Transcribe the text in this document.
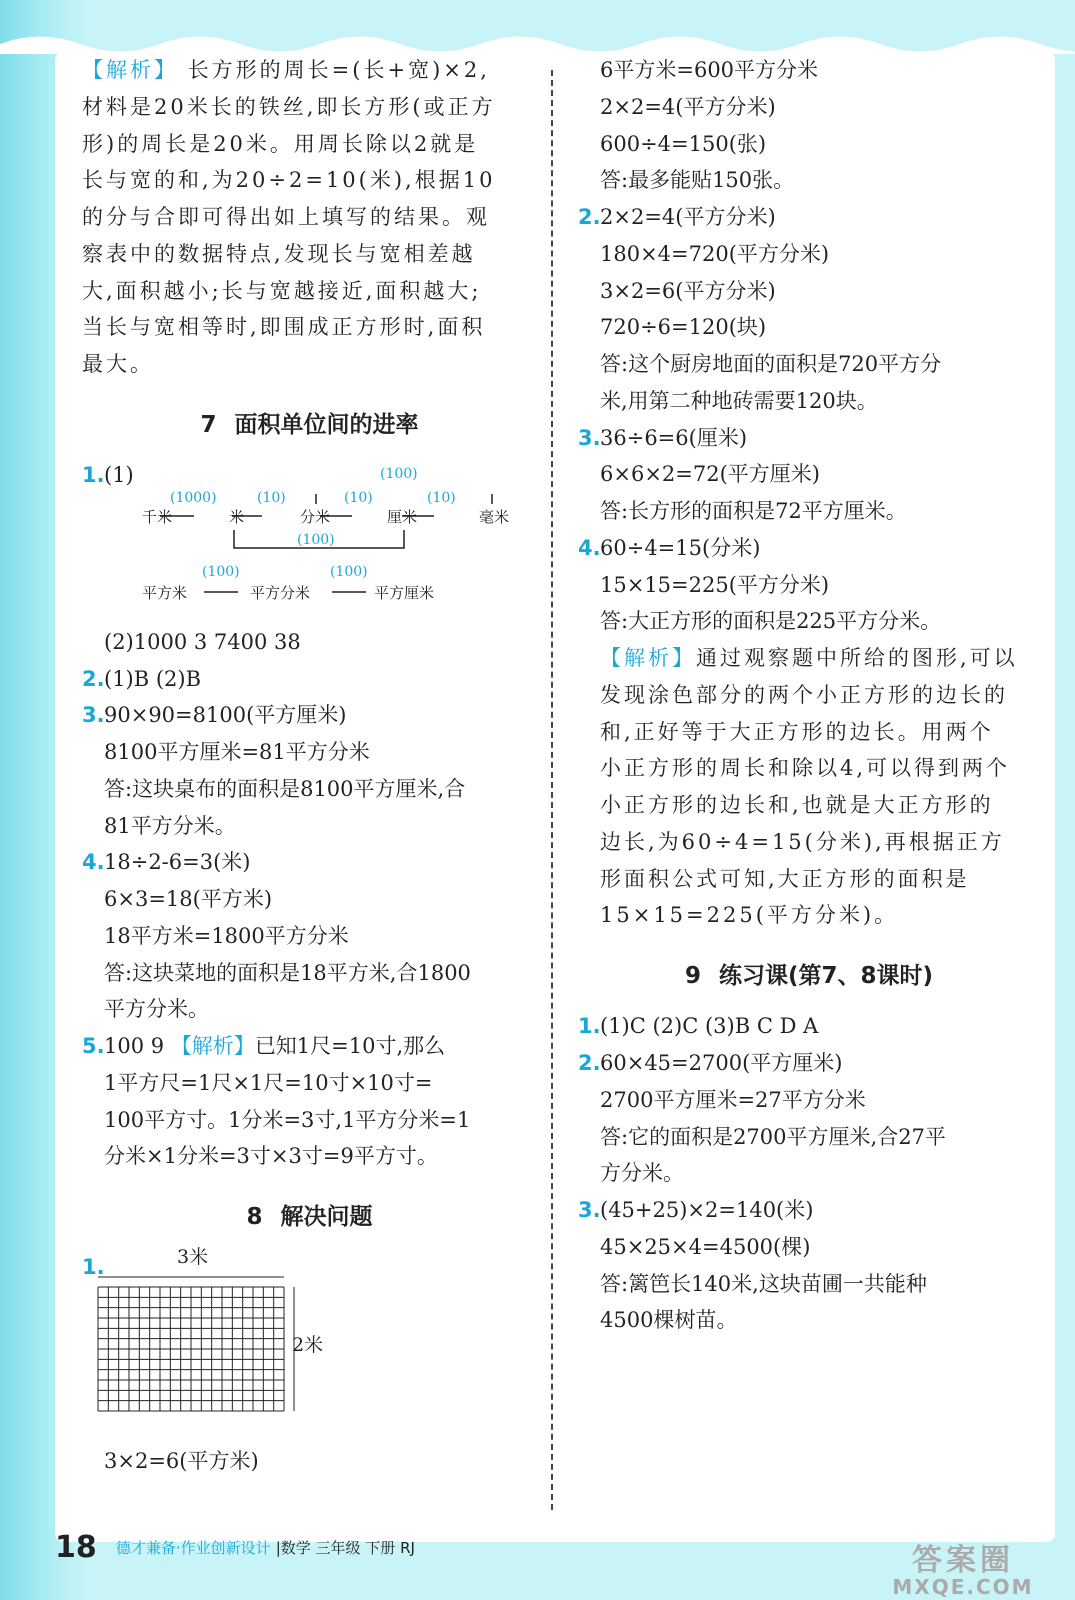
【解析】 长方形的周长=(长+宽)×2,

材料是20米长的铁丝,即长方形(或正方

形)的周长是20米。用周长除以2就是

长与宽的和,为20÷2=10(米),根据10

的分与合即可得出如上填写的结果。观

察表中的数据特点,发现长与宽相差越

大,面积越小;长与宽越接近,面积越大;

当长与宽相等时,即围成正方形时,面积

最大。

7 面积单位间的进率

1.(1)

千米	米	分米	厘米	毫米
(1000)	(10)	(10)	(10)
(100)
(100)
平方米	平方分米	平方厘米
(100)	(100)

(2)1000 3 7400 38

2.(1)B (2)B

3.90×90=8100(平方厘米)

8100平方厘米=81平方分米

答:这块桌布的面积是8100平方厘米,合

81平方分米。

4.18÷2-6=3(米)

6×3=18(平方米)

18平方米=1800平方分米

答:这块菜地的面积是18平方米,合1800

平方分米。

5.100 9 【解析】已知1尺=10寸,那么

1平方尺=1尺×1尺=10寸×10寸=

100平方寸。1分米=3寸,1平方分米=1

分米×1分米=3寸×3寸=9平方寸。

8 解决问题
1.	3米
2米

3×2=6(平方米)

6平方米=600平方分米

2×2=4(平方分米)

600÷4=150(张)

答:最多能贴150张。

2.2×2=4(平方分米)

180×4=720(平方分米)

3×2=6(平方分米)

720÷6=120(块)

答:这个厨房地面的面积是720平方分

米,用第二种地砖需要120块。

3.36÷6=6(厘米)

6×6×2=72(平方厘米)

答:长方形的面积是72平方厘米。

4.60÷4=15(分米)

15×15=225(平方分米)

答:大正方形的面积是225平方分米。

【解析】通过观察题中所给的图形,可以

发现涂色部分的两个小正方形的边长的

和,正好等于大正方形的边长。用两个

小正方形的周长和除以4,可以得到两个

小正方形的边长和,也就是大正方形的

边长,为60÷4=15(分米),再根据正方

形面积公式可知,大正方形的面积是

15×15=225(平方分米)。

9 练习课(第7、8课时)

1.(1)C (2)C (3)B C D A

2.60×45=2700(平方厘米)

2700平方厘米=27平方分米

答:它的面积是2700平方厘米,合27平

方分米。

3.(45+25)×2=140(米)

45×25×4=4500(棵)

答:篱笆长140米,这块苗圃一共能种

4500棵树苗。

18 德才兼备·作业创新设计 |数学 三年级 下册 RJ	答案圈
MXQE.COM
